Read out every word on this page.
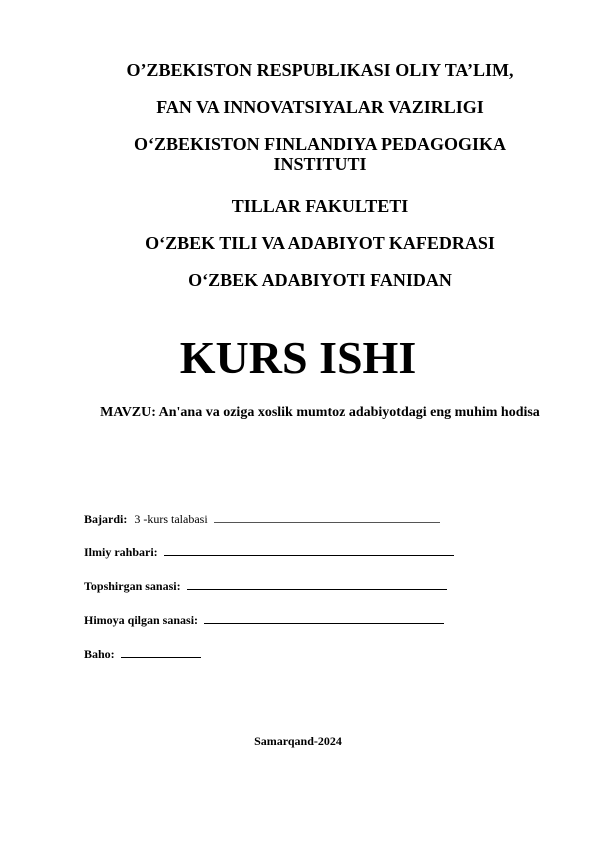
O’ZBEKISTON RESPUBLIKASI OLIY TA’LIM,
FAN VA INNOVATSIYALAR VAZIRLIGI
O‘ZBEKISTON FINLANDIYA PEDAGOGIKA INSTITUTI
TILLAR FAKULTETI
O‘ZBEK TILI VA ADABIYOT KAFEDRASI
O‘ZBEK ADABIYOTI FANIDAN
KURS ISHI
MAVZU: An'ana va oziga xoslik mumtoz adabiyotdagi eng muhim hodisa
Bajardi: 3 -kurs talabasi
Ilmiy rahbari:
Topshirgan sanasi:
Himoya qilgan sanasi:
Baho:
Samarqand-2024
